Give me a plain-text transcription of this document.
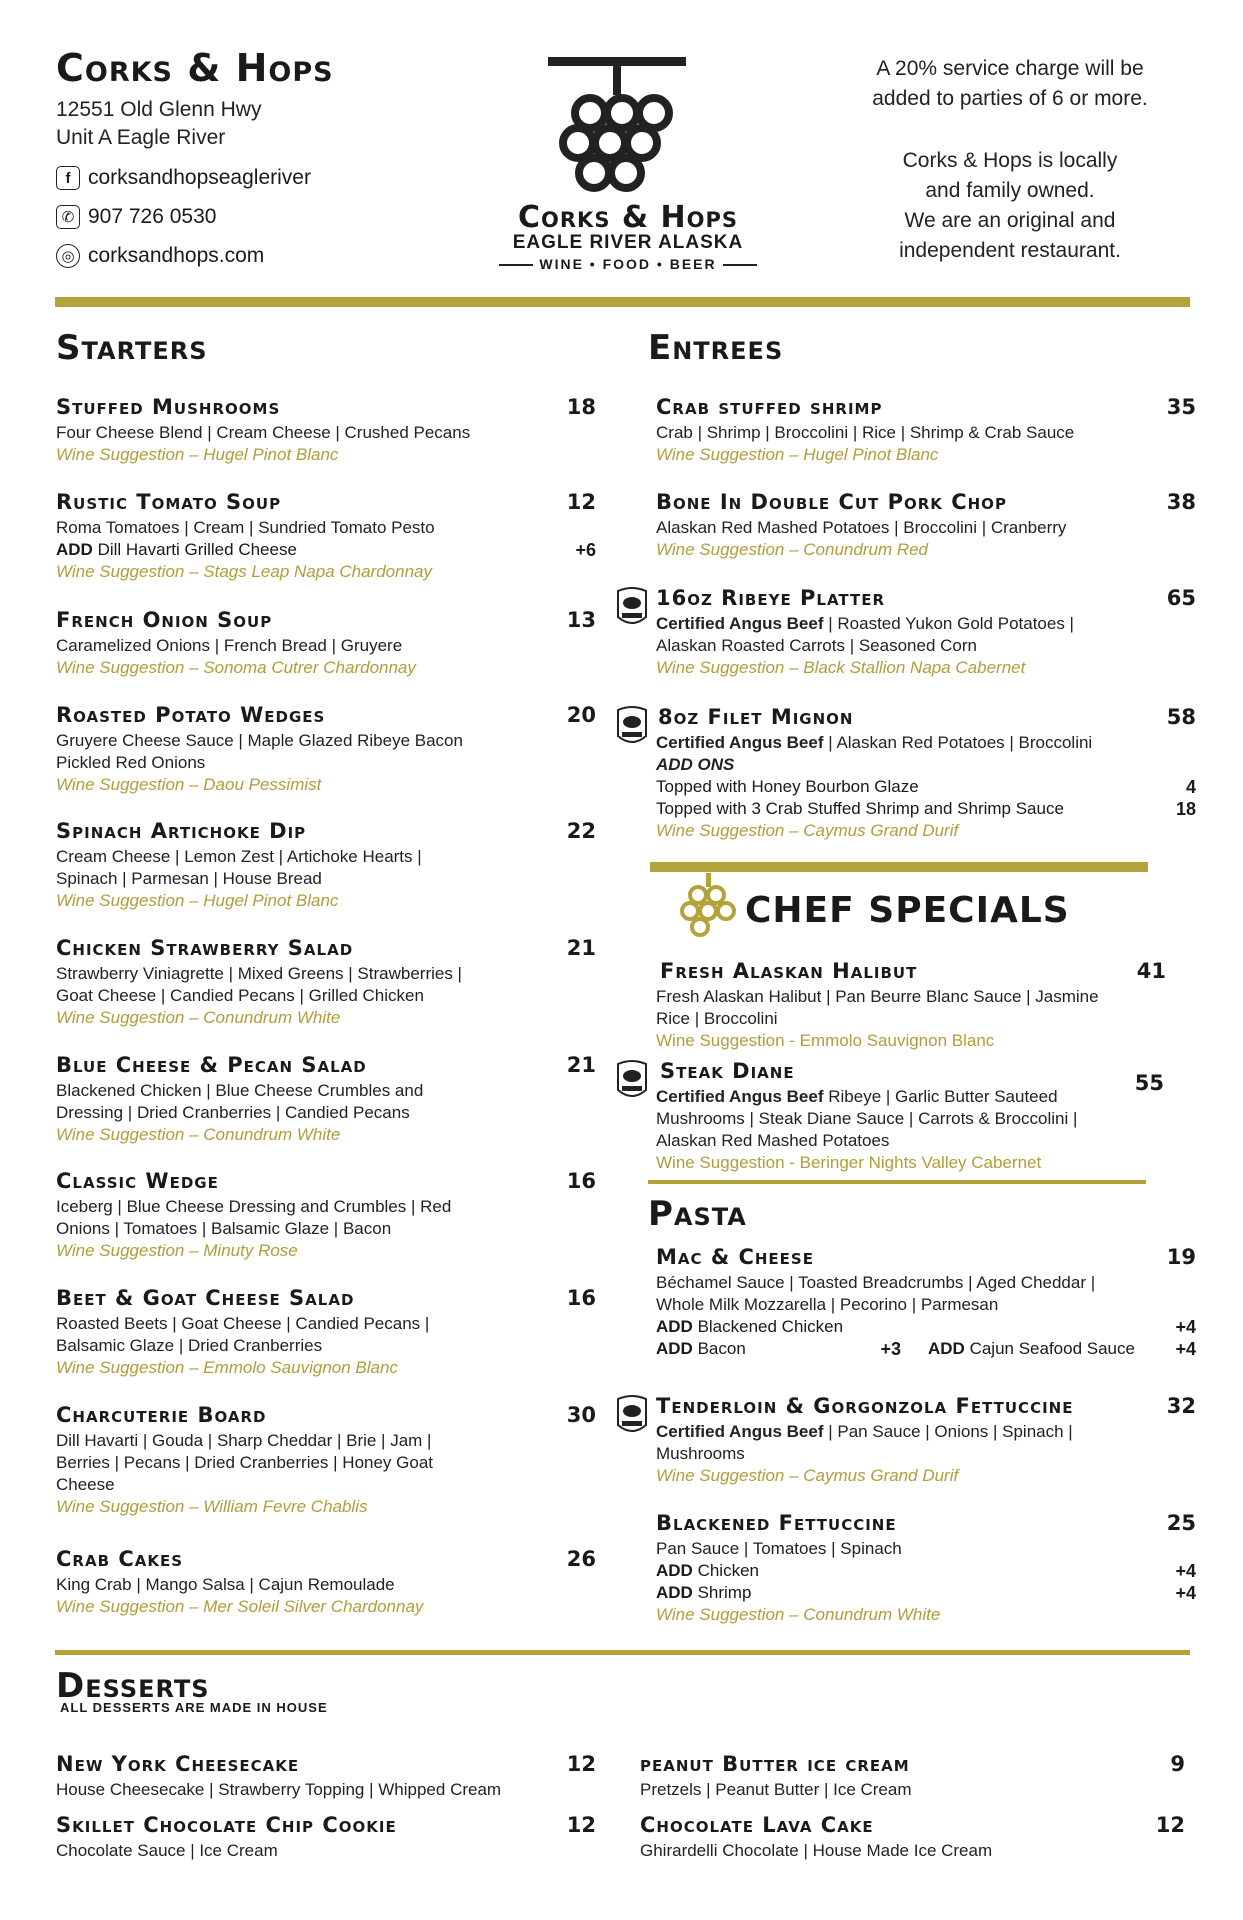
Corks & Hops
12551 Old Glenn Hwy
Unit A Eagle River
f corksandhopseagleriver
✆ 907 726 0530
◎ corksandhops.com
Corks & Hops
EAGLE RIVER ALASKA
WINE • FOOD • BEER
A 20% service charge will be
added to parties of 6 or more.
Corks & Hops is locally
and family owned.
We are an original and
independent restaurant.
Starters	Entrees
Stuffed Mushrooms	18
Four Cheese Blend | Cream Cheese | Crushed Pecans
Wine Suggestion – Hugel Pinot Blanc
Rustic Tomato Soup	12
Roma Tomatoes | Cream | Sundried Tomato Pesto
ADD Dill Havarti Grilled Cheese	+6
Wine Suggestion – Stags Leap Napa Chardonnay
French Onion Soup	13
Caramelized Onions | French Bread | Gruyere
Wine Suggestion – Sonoma Cutrer Chardonnay
Roasted Potato Wedges	20
Gruyere Cheese Sauce | Maple Glazed Ribeye Bacon
Pickled Red Onions
Wine Suggestion – Daou Pessimist
Spinach Artichoke Dip	22
Cream Cheese | Lemon Zest | Artichoke Hearts |
Spinach | Parmesan | House Bread
Wine Suggestion – Hugel Pinot Blanc
Chicken Strawberry Salad	21
Strawberry Viniagrette | Mixed Greens | Strawberries |
Goat Cheese | Candied Pecans | Grilled Chicken
Wine Suggestion – Conundrum White
Blue Cheese & Pecan Salad	21
Blackened Chicken | Blue Cheese Crumbles and
Dressing | Dried Cranberries | Candied Pecans
Wine Suggestion – Conundrum White
Classic Wedge	16
Iceberg | Blue Cheese Dressing and Crumbles | Red
Onions | Tomatoes | Balsamic Glaze | Bacon
Wine Suggestion – Minuty Rose
Beet & Goat Cheese Salad	16
Roasted Beets | Goat Cheese | Candied Pecans |
Balsamic Glaze | Dried Cranberries
Wine Suggestion – Emmolo Sauvignon Blanc
Charcuterie Board	30
Dill Havarti | Gouda | Sharp Cheddar | Brie | Jam |
Berries | Pecans | Dried Cranberries | Honey Goat
Cheese
Wine Suggestion – William Fevre Chablis
Crab Cakes	26
King Crab | Mango Salsa | Cajun Remoulade
Wine Suggestion – Mer Soleil Silver Chardonnay
Crab stuffed shrimp	35
Crab | Shrimp | Broccolini | Rice | Shrimp & Crab Sauce
Wine Suggestion – Hugel Pinot Blanc
Bone In Double Cut Pork Chop	38
Alaskan Red Mashed Potatoes | Broccolini | Cranberry
Wine Suggestion – Conundrum Red
16oz Ribeye Platter	65
Certified Angus Beef | Roasted Yukon Gold Potatoes |
Alaskan Roasted Carrots | Seasoned Corn
Wine Suggestion – Black Stallion Napa Cabernet
8oz Filet Mignon	58
Certified Angus Beef | Alaskan Red Potatoes | Broccolini
ADD ONS
Topped with Honey Bourbon Glaze	4
Topped with 3 Crab Stuffed Shrimp and Shrimp Sauce	18
Wine Suggestion – Caymus Grand Durif
CHEF SPECIALS
Fresh Alaskan Halibut	41
Fresh Alaskan Halibut | Pan Beurre Blanc Sauce | Jasmine
Rice | Broccolini
Wine Suggestion - Emmolo Sauvignon Blanc
Steak Diane	55
Certified Angus Beef Ribeye | Garlic Butter Sauteed
Mushrooms | Steak Diane Sauce | Carrots & Broccolini |
Alaskan Red Mashed Potatoes
Wine Suggestion - Beringer Nights Valley Cabernet
Pasta
Mac & Cheese	19
Béchamel Sauce | Toasted Breadcrumbs | Aged Cheddar |
Whole Milk Mozzarella | Pecorino | Parmesan
ADD Blackened Chicken	+4
ADD Bacon	+3 ADD Cajun Seafood Sauce +4
Tenderloin & Gorgonzola Fettuccine	32
Certified Angus Beef | Pan Sauce | Onions | Spinach |
Mushrooms
Wine Suggestion – Caymus Grand Durif
Blackened Fettuccine	25
Pan Sauce | Tomatoes | Spinach
ADD Chicken	+4
ADD Shrimp	+4
Wine Suggestion – Conundrum White
Desserts
ALL DESSERTS ARE MADE IN HOUSE
New York Cheesecake	12
House Cheesecake | Strawberry Topping | Whipped Cream
Skillet Chocolate Chip Cookie	12
Chocolate Sauce | Ice Cream
peanut Butter ice cream	9
Pretzels | Peanut Butter | Ice Cream
Chocolate Lava Cake	12
Ghirardelli Chocolate | House Made Ice Cream
